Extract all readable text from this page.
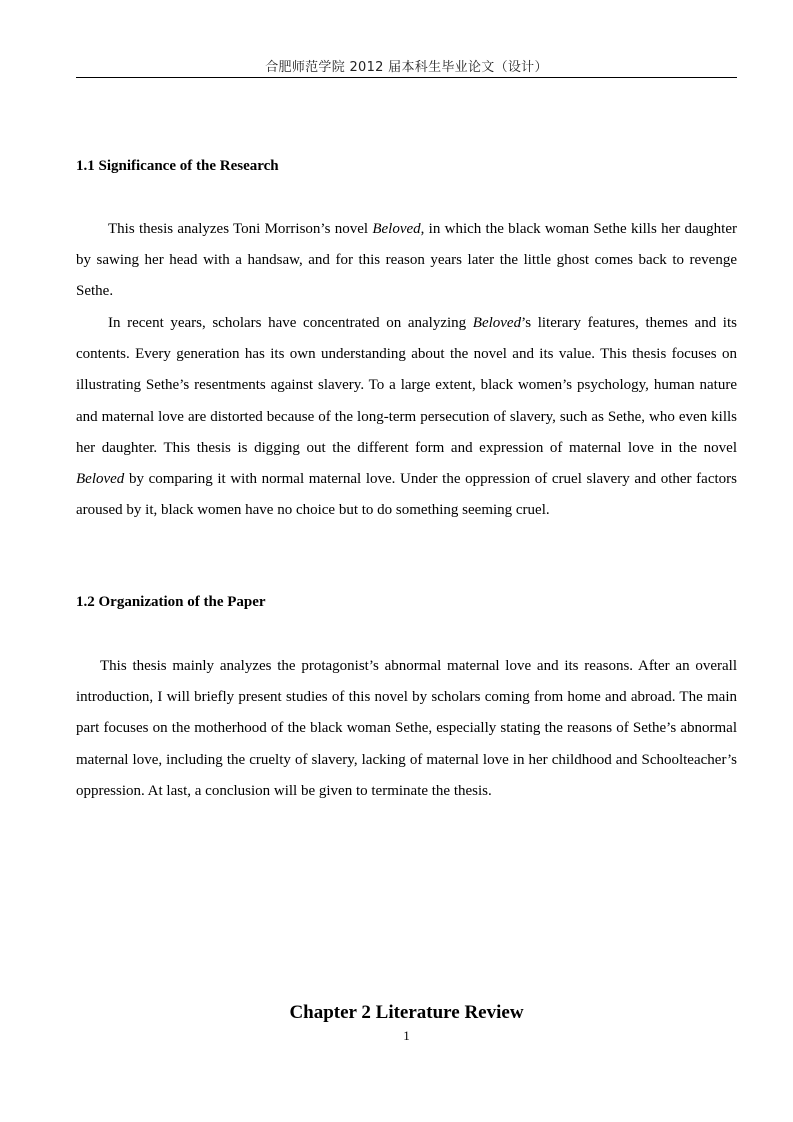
合肥师范学院 2012 届本科生毕业论文（设计）
1.1 Significance of the Research

This thesis analyzes Toni Morrison’s novel Beloved, in which the black woman Sethe kills her daughter by sawing her head with a handsaw, and for this reason years later the little ghost comes back to revenge Sethe.

In recent years, scholars have concentrated on analyzing Beloved’s literary features, themes and its contents. Every generation has its own understanding about the novel and its value. This thesis focuses on illustrating Sethe’s resentments against slavery. To a large extent, black women’s psychology, human nature and maternal love are distorted because of the long-term persecution of slavery, such as Sethe, who even kills her daughter. This thesis is digging out the different form and expression of maternal love in the novel Beloved by comparing it with normal maternal love. Under the oppression of cruel slavery and other factors aroused by it, black women have no choice but to do something seeming cruel.

1.2 Organization of the Paper

This thesis mainly analyzes the protagonist’s abnormal maternal love and its reasons. After an overall introduction, I will briefly present studies of this novel by scholars coming from home and abroad. The main part focuses on the motherhood of the black woman Sethe, especially stating the reasons of Sethe’s abnormal maternal love, including the cruelty of slavery, lacking of maternal love in her childhood and Schoolteacher’s oppression. At last, a conclusion will be given to terminate the thesis.

Chapter 2 Literature Review
1
